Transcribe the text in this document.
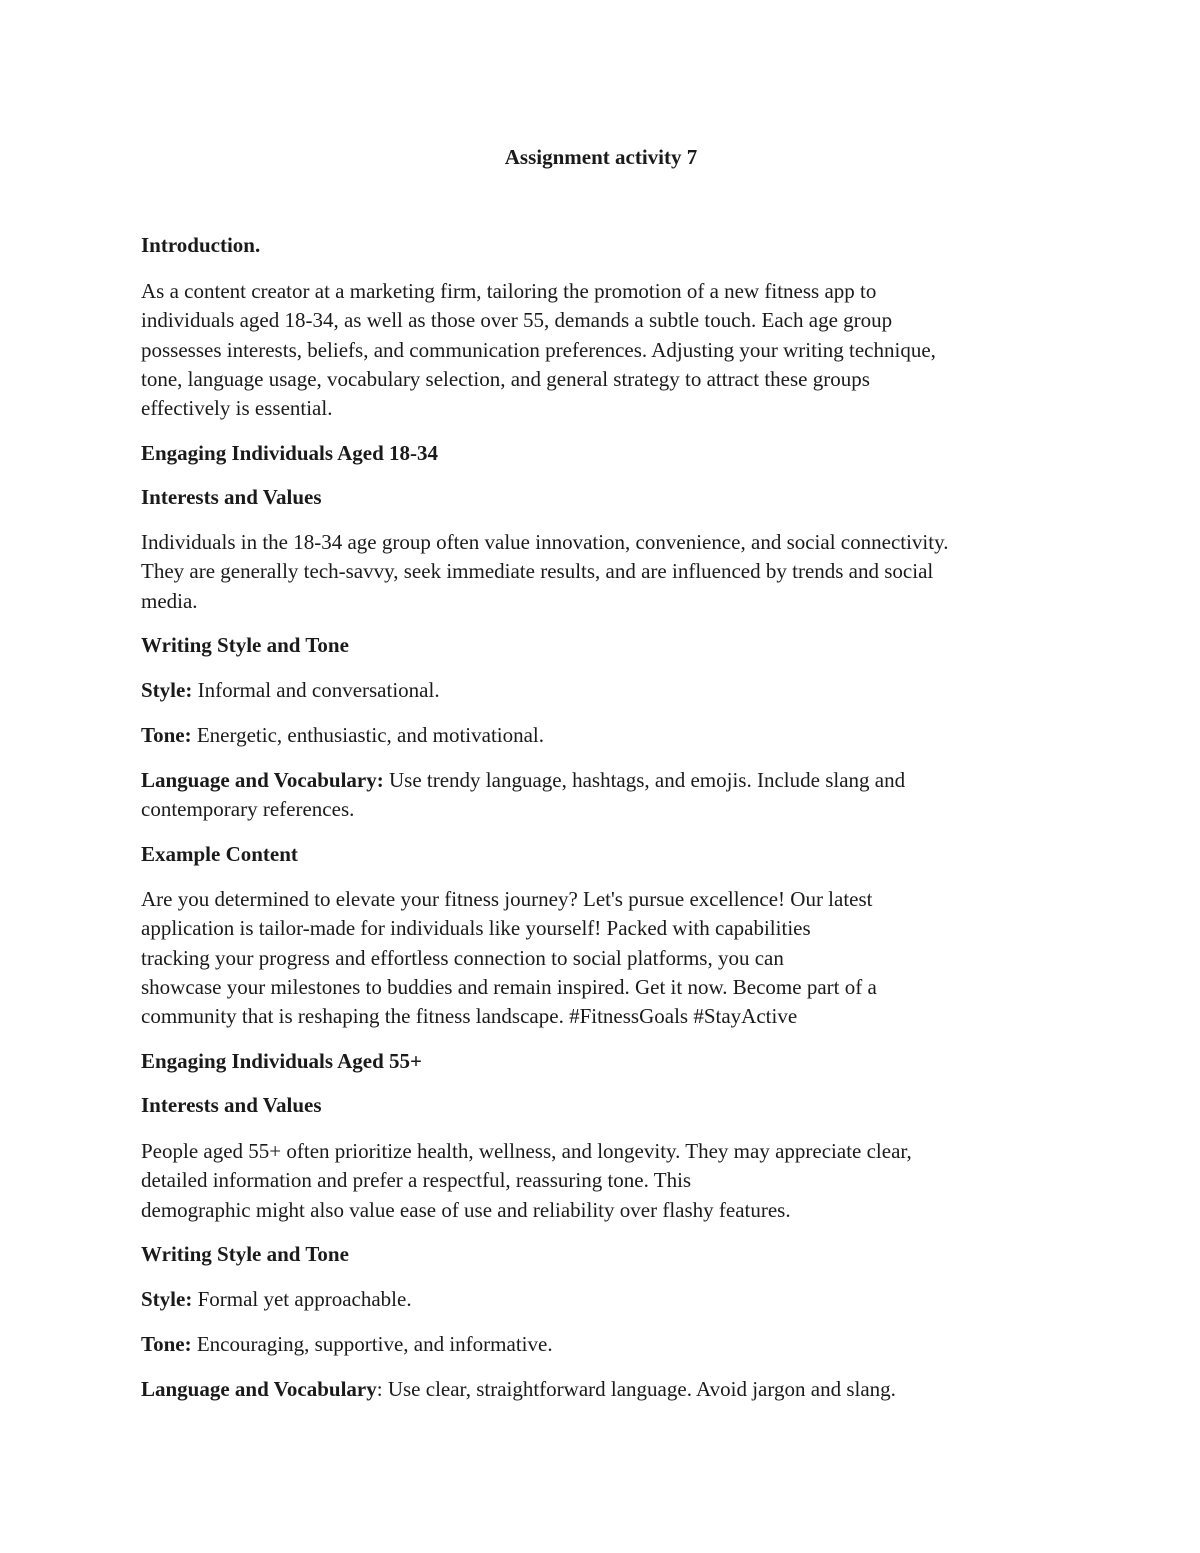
Assignment activity 7

Introduction.

As a content creator at a marketing firm, tailoring the promotion of a new fitness app to
individuals aged 18-34, as well as those over 55, demands a subtle touch. Each age group
possesses interests, beliefs, and communication preferences. Adjusting your writing technique,
tone, language usage, vocabulary selection, and general strategy to attract these groups
effectively is essential.

Engaging Individuals Aged 18-34

Interests and Values

Individuals in the 18-34 age group often value innovation, convenience, and social connectivity.
They are generally tech-savvy, seek immediate results, and are influenced by trends and social
media.

Writing Style and Tone

Style: Informal and conversational.

Tone: Energetic, enthusiastic, and motivational.

Language and Vocabulary: Use trendy language, hashtags, and emojis. Include slang and
contemporary references.

Example Content

Are you determined to elevate your fitness journey? Let's pursue excellence! Our latest
application is tailor-made for individuals like yourself! Packed with capabilities
tracking your progress and effortless connection to social platforms, you can
showcase your milestones to buddies and remain inspired. Get it now. Become part of a
community that is reshaping the fitness landscape. #FitnessGoals #StayActive

Engaging Individuals Aged 55+

Interests and Values

People aged 55+ often prioritize health, wellness, and longevity. They may appreciate clear,
detailed information and prefer a respectful, reassuring tone. This
demographic might also value ease of use and reliability over flashy features.

Writing Style and Tone

Style: Formal yet approachable.

Tone: Encouraging, supportive, and informative.

Language and Vocabulary: Use clear, straightforward language. Avoid jargon and slang.
